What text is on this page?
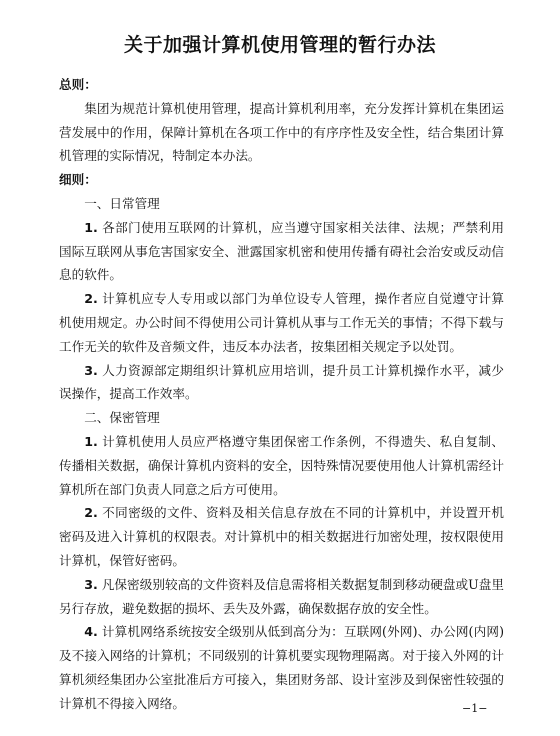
关于加强计算机使用管理的暂行办法

总则：

集团为规范计算机使用管理，提高计算机利用率，充分发挥计算机在集团运营发展中的作用，保障计算机在各项工作中的有序序性及安全性，结合集团计算机管理的实际情况，特制定本办法。

细则：

一、日常管理

1. 各部门使用互联网的计算机，应当遵守国家相关法律、法规；严禁利用国际互联网从事危害国家安全、泄露国家机密和使用传播有碍社会治安或反动信息的软件。

2. 计算机应专人专用或以部门为单位设专人管理，操作者应自觉遵守计算机使用规定。办公时间不得使用公司计算机从事与工作无关的事情；不得下载与工作无关的软件及音频文件，违反本办法者，按集团相关规定予以处罚。

3. 人力资源部定期组织计算机应用培训，提升员工计算机操作水平，减少误操作，提高工作效率。

二、保密管理

1. 计算机使用人员应严格遵守集团保密工作条例，不得遗失、私自复制、传播相关数据，确保计算机内资料的安全，因特殊情况要使用他人计算机需经计算机所在部门负责人同意之后方可使用。

2. 不同密级的文件、资料及相关信息存放在不同的计算机中，并设置开机密码及进入计算机的权限表。对计算机中的相关数据进行加密处理，按权限使用计算机，保管好密码。

3. 凡保密级别较高的文件资料及信息需将相关数据复制到移动硬盘或U盘里另行存放，避免数据的损坏、丢失及外露，确保数据存放的安全性。

4. 计算机网络系统按安全级别从低到高分为：互联网(外网)、办公网(内网)及不接入网络的计算机；不同级别的计算机要实现物理隔离。对于接入外网的计算机须经集团办公室批准后方可接入，集团财务部、设计室涉及到保密性较强的计算机不得接入网络。	−1−
